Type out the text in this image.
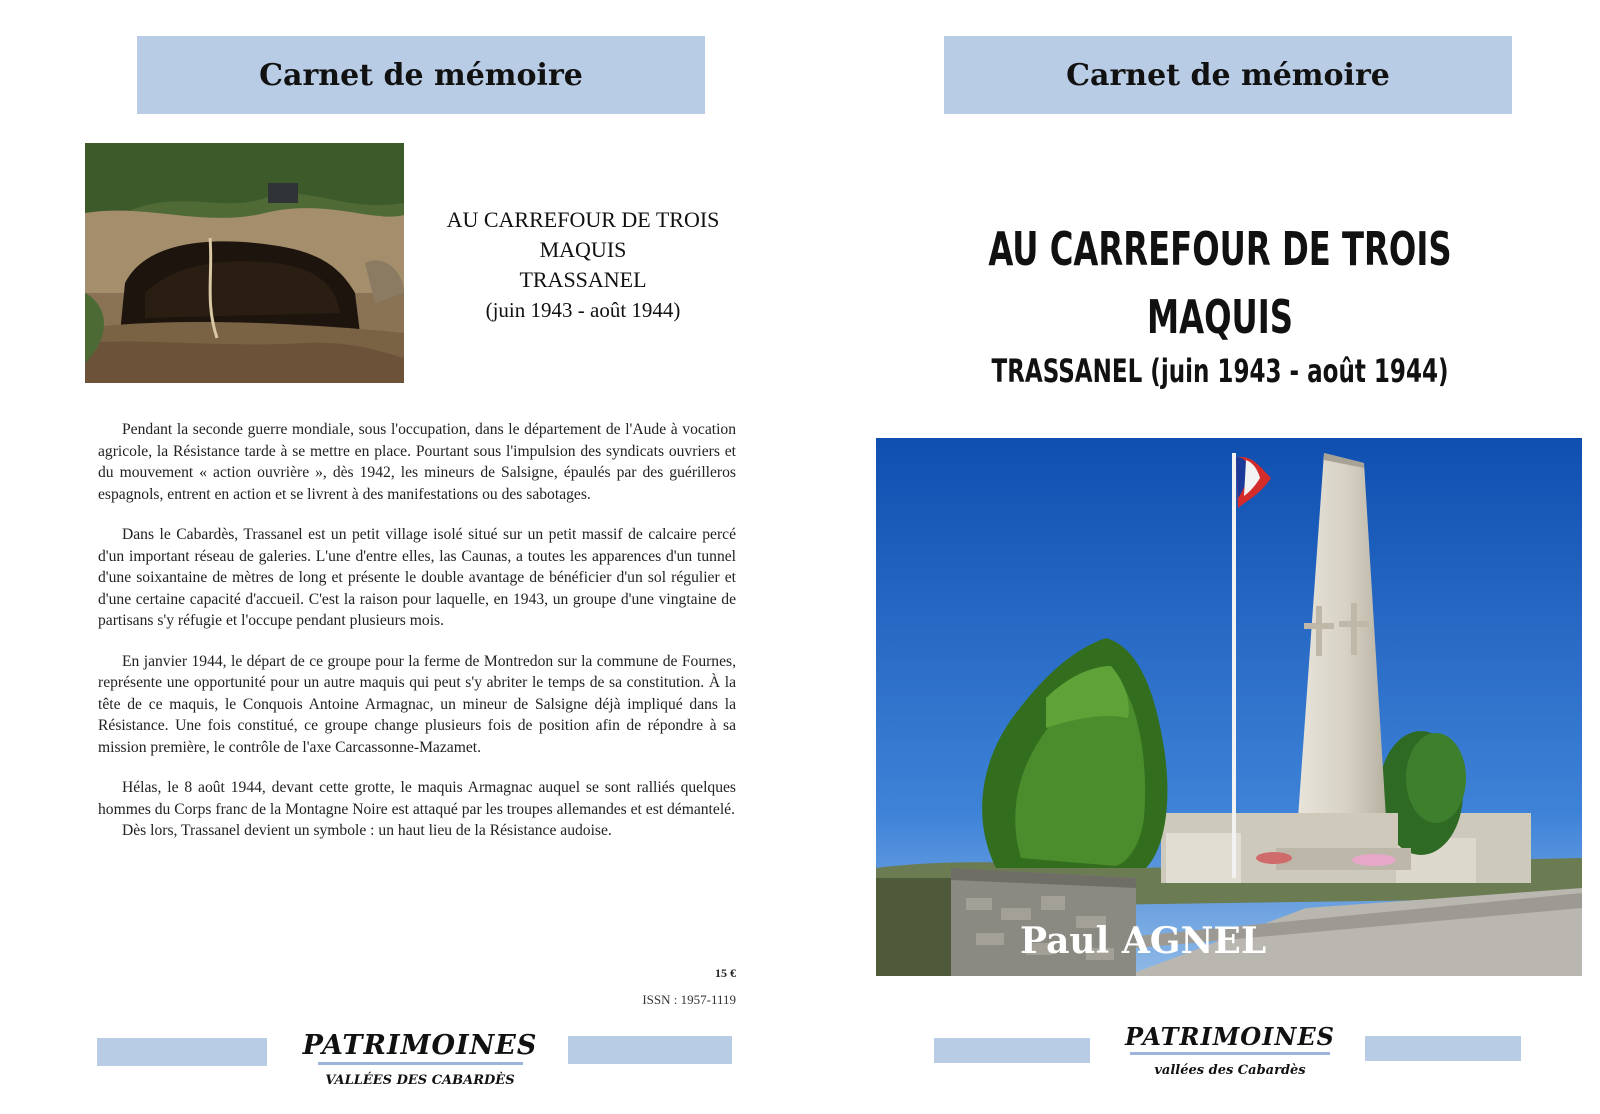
Carnet de mémoire
AU CARREFOUR DE TROIS
MAQUIS
TRASSANEL
(juin 1943 - août 1944)

Pendant la seconde guerre mondiale, sous l'occupation, dans le département de l'Aude à vocation agricole, la Résistance tarde à se mettre en place. Pourtant sous l'impulsion des syndicats ouvriers et du mouvement « action ouvrière », dès 1942, les mineurs de Salsigne, épaulés par des guérilleros espagnols, entrent en action et se livrent à des manifestations ou des sabotages.

Dans le Cabardès, Trassanel est un petit village isolé situé sur un petit massif de calcaire percé d'un important réseau de galeries. L'une d'entre elles, las Caunas, a toutes les apparences d'un tunnel d'une soixantaine de mètres de long et présente le double avantage de bénéficier d'un sol régulier et d'une certaine capacité d'accueil. C'est la raison pour laquelle, en 1943, un groupe d'une vingtaine de partisans s'y réfugie et l'occupe pendant plusieurs mois.

En janvier 1944, le départ de ce groupe pour la ferme de Montredon sur la commune de Fournes, représente une opportunité pour un autre maquis qui peut s'y abriter le temps de sa constitution. À la tête de ce maquis, le Conquois Antoine Armagnac, un mineur de Salsigne déjà impliqué dans la Résistance. Une fois constitué, ce groupe change plusieurs fois de position afin de répondre à sa mission première, le contrôle de l'axe Carcassonne-Mazamet.

Hélas, le 8 août 1944, devant cette grotte, le maquis Armagnac auquel se sont ralliés quelques hommes du Corps franc de la Montagne Noire est attaqué par les troupes allemandes et est démantelé.

Dès lors, Trassanel devient un symbole : un haut lieu de la Résistance audoise.

15 €
ISSN : 1957-1119
PATRIMOINES
VALLÉES DES CABARDÈS
Carnet de mémoire
AU CARREFOUR DE TROIS
MAQUIS
TRASSANEL (juin 1943 - août 1944)
Paul AGNEL
PATRIMOINES
vallées des Cabardès
